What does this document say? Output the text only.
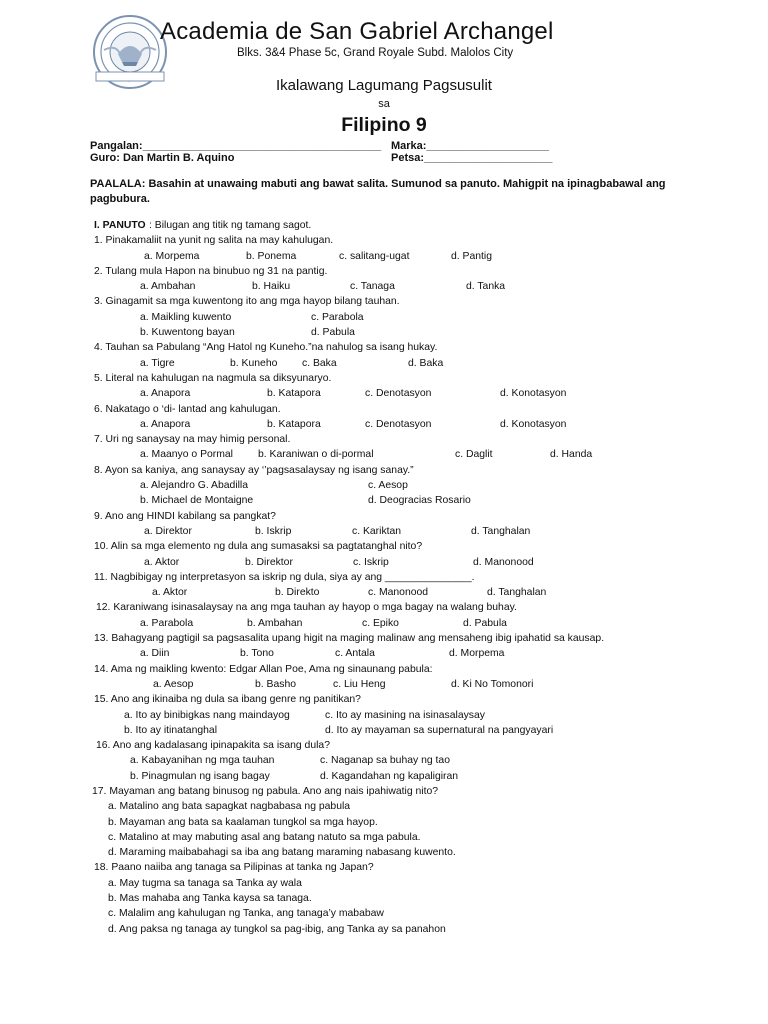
Academia de San Gabriel Archangel
Blks. 3&4 Phase 5c, Grand Royale Subd. Malolos City
Ikalawang Lagumang Pagsusulit
sa
Filipino 9
Pangalan:_______________________________________ Marka:____________________
Guro: Dan Martin B. Aquino	Petsa:_____________________
PAALALA: Basahin at unawaing mabuti ang bawat salita. Sumunod sa panuto. Mahigpit na ipinagbabawal ang pagbubura.
I. PANUTO : Bilugan ang titik ng tamang sagot.
1. Pinakamaliit na yunit ng salita na may kahulugan.
a. Morpema	b. Ponema	c. salitang-ugat	d. Pantig
2. Tulang mula Hapon na binubuo ng 31 na pantig.
a. Ambahan	b. Haiku	c. Tanaga	d. Tanka
3. Ginagamit sa mga kuwentong ito ang mga hayop bilang tauhan.
a. Maikling kuwento	c. Parabola
b. Kuwentong bayan	d. Pabula
4. Tauhan sa Pabulang “Ang Hatol ng Kuneho.”na nahulog sa isang hukay.
a. Tigre	b. Kuneho c. Baka	d. Baka
5. Literal na kahulugan na nagmula sa diksyunaryo.
a. Anapora	b. Katapora	c. Denotasyon	d. Konotasyon
6. Nakatago o ‘di- lantad ang kahulugan.
a. Anapora	b. Katapora	c. Denotasyon	d. Konotasyon
7. Uri ng sanaysay na may himig personal.
a. Maanyo o Pormal b. Karaniwan o di-pormal	c. Daglit	d. Handa
8. Ayon sa kaniya, ang sanaysay ay ‘’pagsasalaysay ng isang sanay.”
a. Alejandro G. Abadilla	c. Aesop
b. Michael de Montaigne	d. Deogracias Rosario
9. Ano ang HINDI kabilang sa pangkat?
a. Direktor	b. Iskrip	c. Kariktan	d. Tanghalan
10. Alin sa mga elemento ng dula ang sumasaksi sa pagtatanghal nito?
a. Aktor	b. Direktor	c. Iskrip	d. Manonood
11. Nagbibigay ng interpretasyon sa iskrip ng dula, siya ay ang _______________.
a. Aktor	b. Direkto	c. Manonood	d. Tanghalan
12. Karaniwang isinasalaysay na ang mga tauhan ay hayop o mga bagay na walang buhay.
a. Parabola	b. Ambahan	c. Epiko	d. Pabula
13. Bahagyang pagtigil sa pagsasalita upang higit na maging malinaw ang mensaheng ibig ipahatid sa kausap.
a. Diin	b. Tono	c. Antala	d. Morpema
14. Ama ng maikling kwento: Edgar Allan Poe, Ama ng sinaunang pabula:
a. Aesop	b. Basho	c. Liu Heng	d. Ki No Tomonori
15. Ano ang ikinaiba ng dula sa ibang genre ng panitikan?
a. Ito ay binibigkas nang maindayog	c. Ito ay masining na isinasalaysay
b. Ito ay itinatanghal	d. Ito ay mayaman sa supernatural na pangyayari
16. Ano ang kadalasang ipinapakita sa isang dula?
a. Kabayanihan ng mga tauhan	c. Naganap sa buhay ng tao
b. Pinagmulan ng isang bagay	d. Kagandahan ng kapaligiran
17. Mayaman ang batang binusog ng pabula. Ano ang nais ipahiwatig nito?
a. Matalino ang bata sapagkat nagbabasa ng pabula
b. Mayaman ang bata sa kaalaman tungkol sa mga hayop.
c. Matalino at may mabuting asal ang batang natuto sa mga pabula.
d. Maraming maibabahagi sa iba ang batang maraming nabasang kuwento.
18. Paano naiiba ang tanaga sa Pilipinas at tanka ng Japan?
a. May tugma sa tanaga sa Tanka ay wala
b. Mas mahaba ang Tanka kaysa sa tanaga.
c. Malalim ang kahulugan ng Tanka, ang tanaga’y mababaw
d. Ang paksa ng tanaga ay tungkol sa pag-ibig, ang Tanka ay sa panahon
